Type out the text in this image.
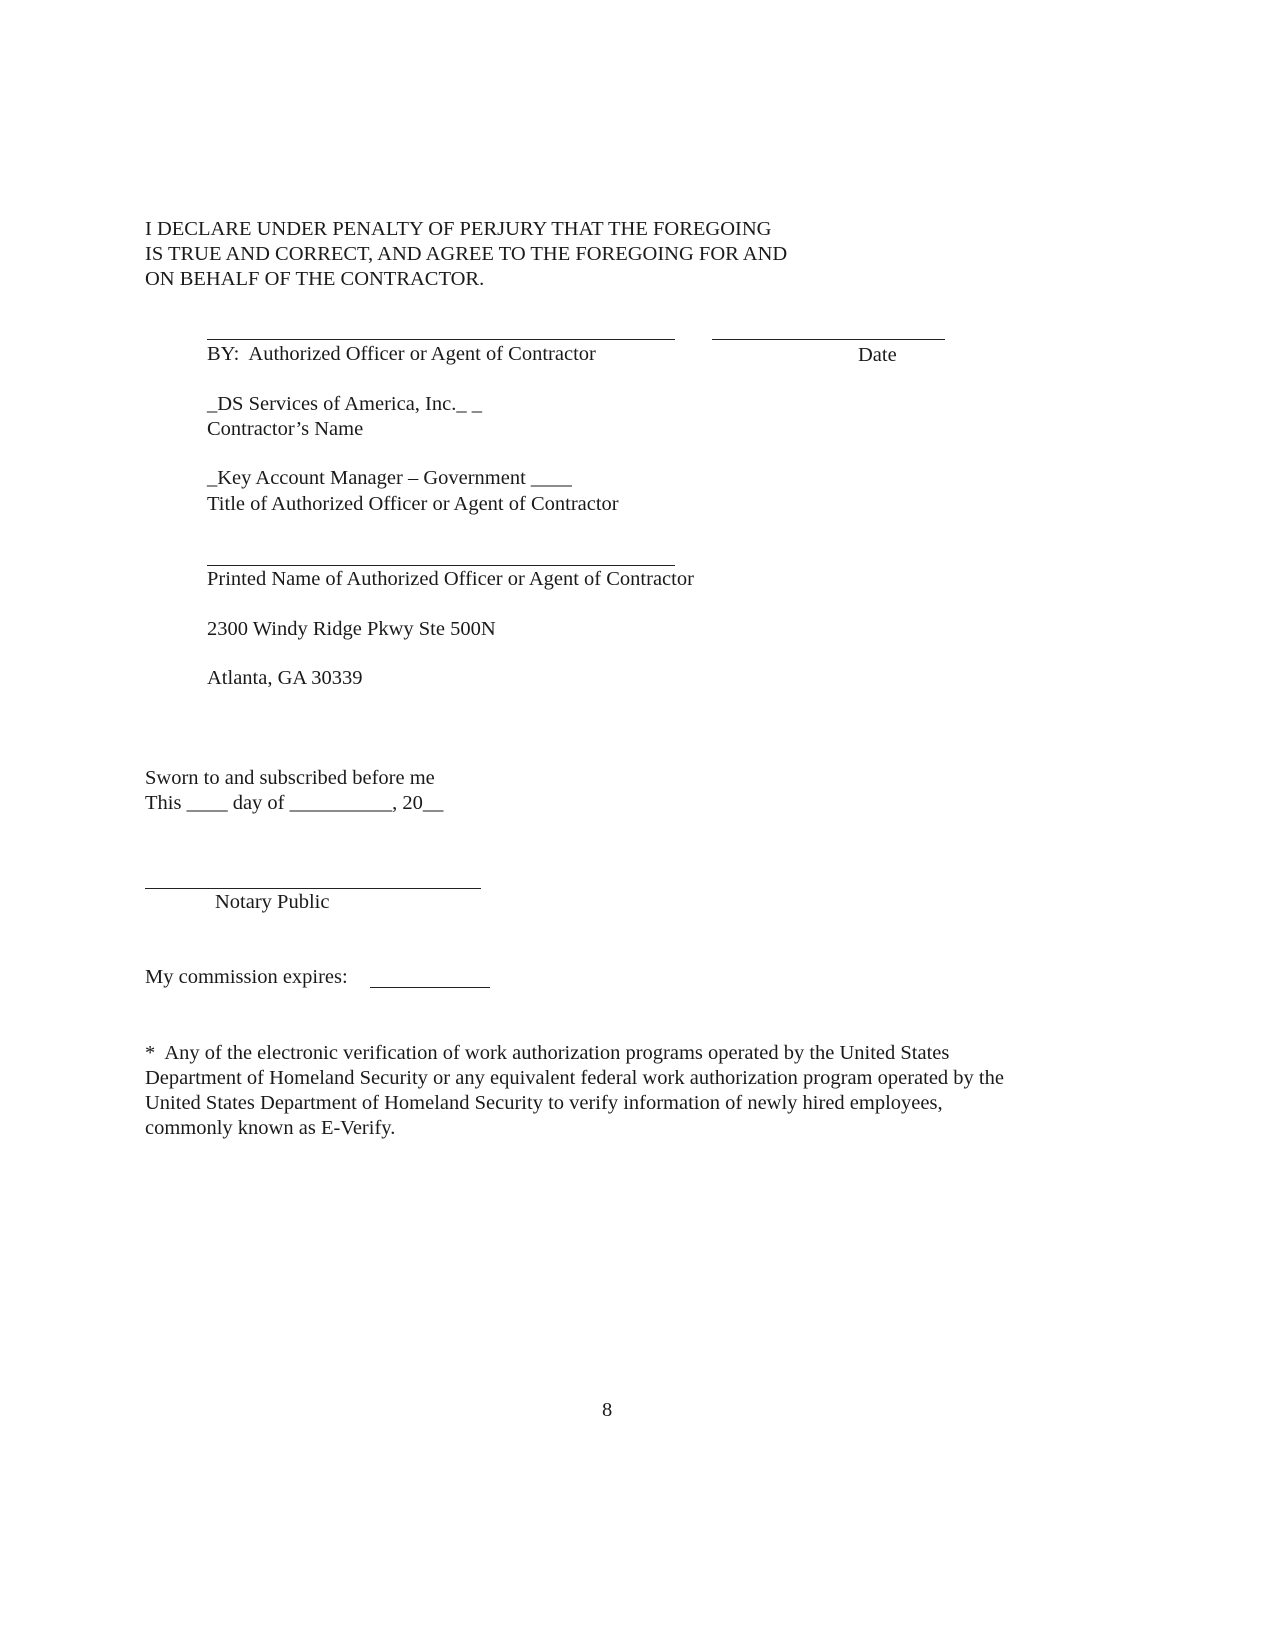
I DECLARE UNDER PENALTY OF PERJURY THAT THE FOREGOING
IS TRUE AND CORRECT, AND AGREE TO THE FOREGOING FOR AND
ON BEHALF OF THE CONTRACTOR.
BY:  Authorized Officer or Agent of Contractor	Date
_DS Services of America, Inc._ _
Contractor’s Name
_Key Account Manager – Government ____
Title of Authorized Officer or Agent of Contractor
Printed Name of Authorized Officer or Agent of Contractor
2300 Windy Ridge Pkwy Ste 500N
Atlanta, GA 30339
Sworn to and subscribed before me
This ____ day of __________, 20__
Notary Public
My commission expires:
*  Any of the electronic verification of work authorization programs operated by the United States
Department of Homeland Security or any equivalent federal work authorization program operated by the
United States Department of Homeland Security to verify information of newly hired employees,
commonly known as E-Verify.
8
